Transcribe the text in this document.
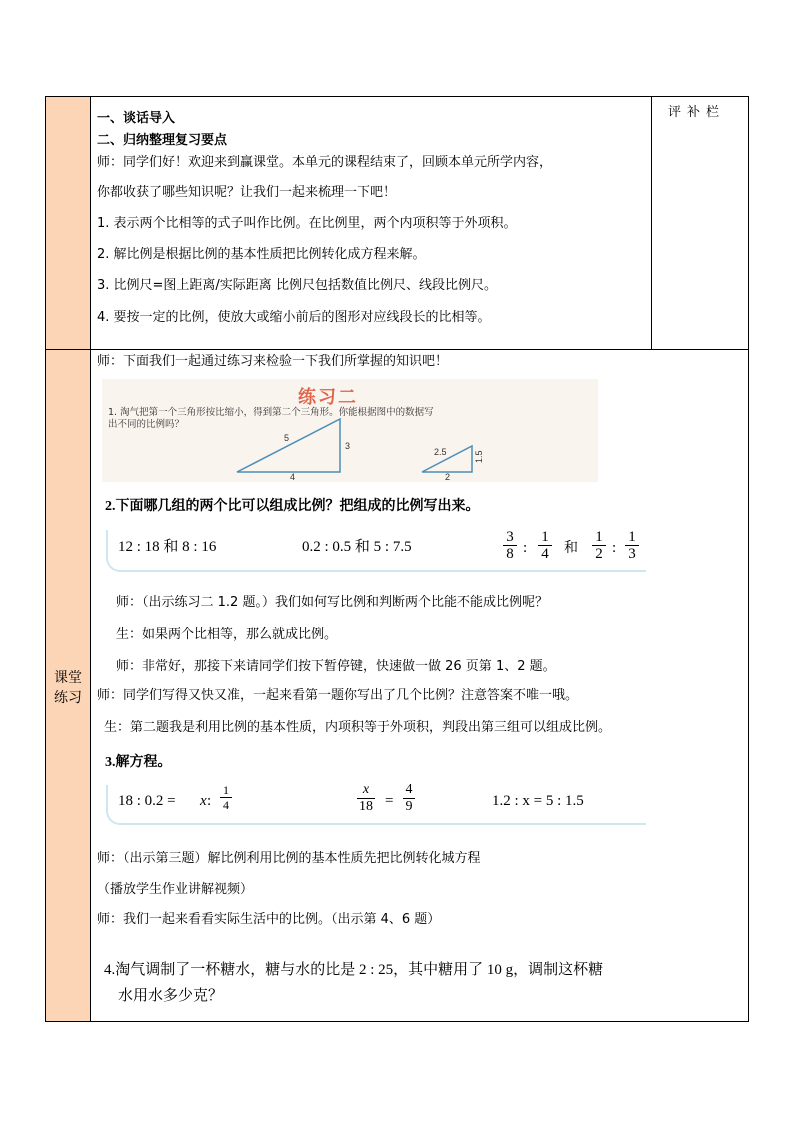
评补栏
一、谈话导入
二、归纳整理复习要点
师：同学们好！欢迎来到赢课堂。本单元的课程结束了，回顾本单元所学内容，
你都收获了哪些知识呢？让我们一起来梳理一下吧！
1. 表示两个比相等的式子叫作比例。在比例里，两个内项积等于外项积。
2. 解比例是根据比例的基本性质把比例转化成方程来解。
3. 比例尺=图上距离/实际距离 比例尺包括数值比例尺、线段比例尺。
4. 要按一定的比例，使放大或缩小前后的图形对应线段长的比相等。
课堂
练习
师：下面我们一起通过练习来检验一下我们所掌握的知识吧！
练习二
1. 淘气把第一个三角形按比缩小，得到第二个三角形。你能根据图中的数据写
出不同的比例吗？
5
4
3
2.5
2
1.5
2.下面哪几组的两个比可以组成比例？把组成的比例写出来。
12 : 18 和 8 : 16	0.2 : 0.5 和 5 : 7.5	$\frac{3}{8}$ : $\frac{1}{4}$ 和 $\frac{1}{2}$ : $\frac{1}{3}$
师：（出示练习二 1.2 题。）我们如何写比例和判断两个比能不能成比例呢？
生：如果两个比相等，那么就成比例。
师：非常好，那接下来请同学们按下暂停键，快速做一做 26 页第 1、2 题。
师：同学们写得又快又准，一起来看第一题你写出了几个比例？注意答案不唯一哦。
生：第二题我是利用比例的基本性质，内项积等于外项积，判段出第三组可以组成比例。
3.解方程。
18 : 0.2 = x : $\frac{1}{4}$	$\frac{x}{18} = \frac{4}{9}$	1.2 : x = 5 : 1.5
师：（出示第三题）解比例利用比例的基本性质先把比例转化城方程
（播放学生作业讲解视频）
师：我们一起来看看实际生活中的比例。（出示第 4、6 题）
4.淘气调制了一杯糖水，糖与水的比是 2 : 25，其中糖用了 10 g，调制这杯糖
水用水多少克？
